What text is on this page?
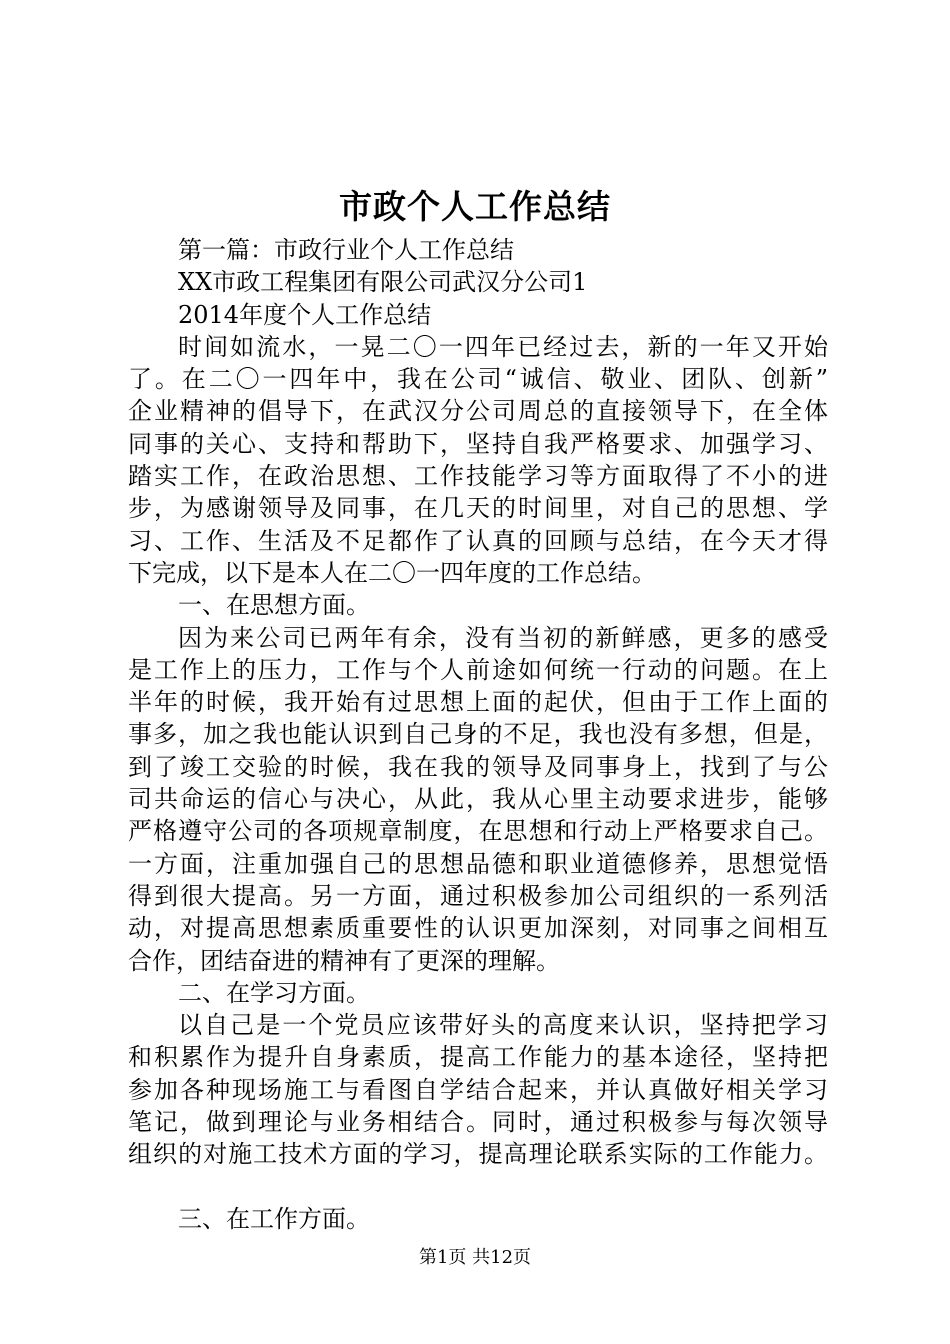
市政个人工作总结
第一篇：市政行业个人工作总结
XX市政工程集团有限公司武汉分公司1
2014年度个人工作总结
时间如流水，一晃二〇一四年已经过去，新的一年又开始
了。在二〇一四年中，我在公司“诚信、敬业、团队、创新”
企业精神的倡导下，在武汉分公司周总的直接领导下，在全体
同事的关心、支持和帮助下，坚持自我严格要求、加强学习、
踏实工作，在政治思想、工作技能学习等方面取得了不小的进
步，为感谢领导及同事，在几天的时间里，对自己的思想、学
习、工作、生活及不足都作了认真的回顾与总结，在今天才得
下完成，以下是本人在二〇一四年度的工作总结。
一、在思想方面。
因为来公司已两年有余，没有当初的新鲜感，更多的感受
是工作上的压力，工作与个人前途如何统一行动的问题。在上
半年的时候，我开始有过思想上面的起伏，但由于工作上面的
事多，加之我也能认识到自己身的不足，我也没有多想，但是，
到了竣工交验的时候，我在我的领导及同事身上，找到了与公
司共命运的信心与决心，从此，我从心里主动要求进步，能够
严格遵守公司的各项规章制度，在思想和行动上严格要求自己。
一方面，注重加强自己的思想品德和职业道德修养，思想觉悟
得到很大提高。另一方面，通过积极参加公司组织的一系列活
动，对提高思想素质重要性的认识更加深刻，对同事之间相互
合作，团结奋进的精神有了更深的理解。
二、在学习方面。
以自己是一个党员应该带好头的高度来认识，坚持把学习
和积累作为提升自身素质，提高工作能力的基本途径，坚持把
参加各种现场施工与看图自学结合起来，并认真做好相关学习
笔记，做到理论与业务相结合。同时，通过积极参与每次领导
组织的对施工技术方面的学习，提高理论联系实际的工作能力。
三、在工作方面。
第1页 共12页
